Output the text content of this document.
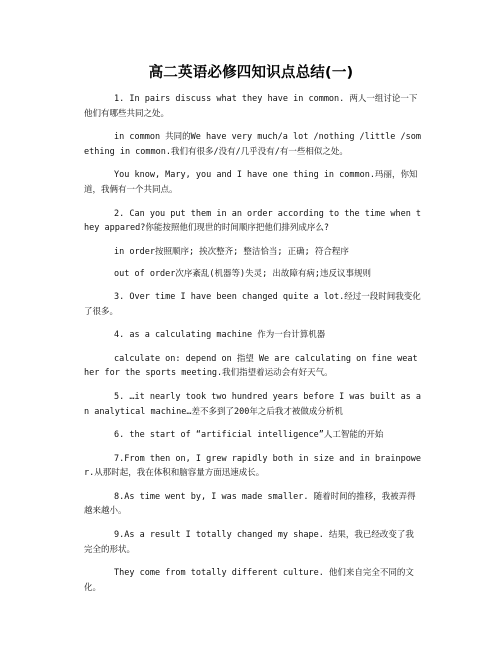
高二英语必修四知识点总结(一)

1. In pairs discuss what they have in common. 两人一组讨论一下他们有哪些共同之处。

in common 共同的We have very much/a lot /nothing /little /something in common.我们有很多/没有/几乎没有/有一些相似之处。

You know, Mary, you and I have one thing in common.玛丽，你知道，我俩有一个共同点。

2. Can you put them in an order according to the time when they appared?你能按照他们现世的时间顺序把他们排列成序么?

in order按照顺序; 挨次整齐; 整洁恰当; 正确; 符合程序

out of order次序紊乱(机器等)失灵; 出故障有病;违反议事规则

3. Over time I have been changed quite a lot.经过一段时间我变化了很多。

4. as a calculating machine 作为一台计算机器

calculate on: depend on 指望 We are calculating on fine weather for the sports meeting.我们指望着运动会有好天气。

5. …it nearly took two hundred years before I was built as an analytical machine…差不多到了200年之后我才被做成分析机

6. the start of “artificial intelligence”人工智能的开始

7.From then on, I grew rapidly both in size and in brainpower.从那时起，我在体积和脑容量方面迅速成长。

8.As time went by, I was made smaller. 随着时间的推移，我被弄得越来越小。

9.As a result I totally changed my shape. 结果，我已经改变了我完全的形状。

They come from totally different culture. 他们来自完全不同的文化。
